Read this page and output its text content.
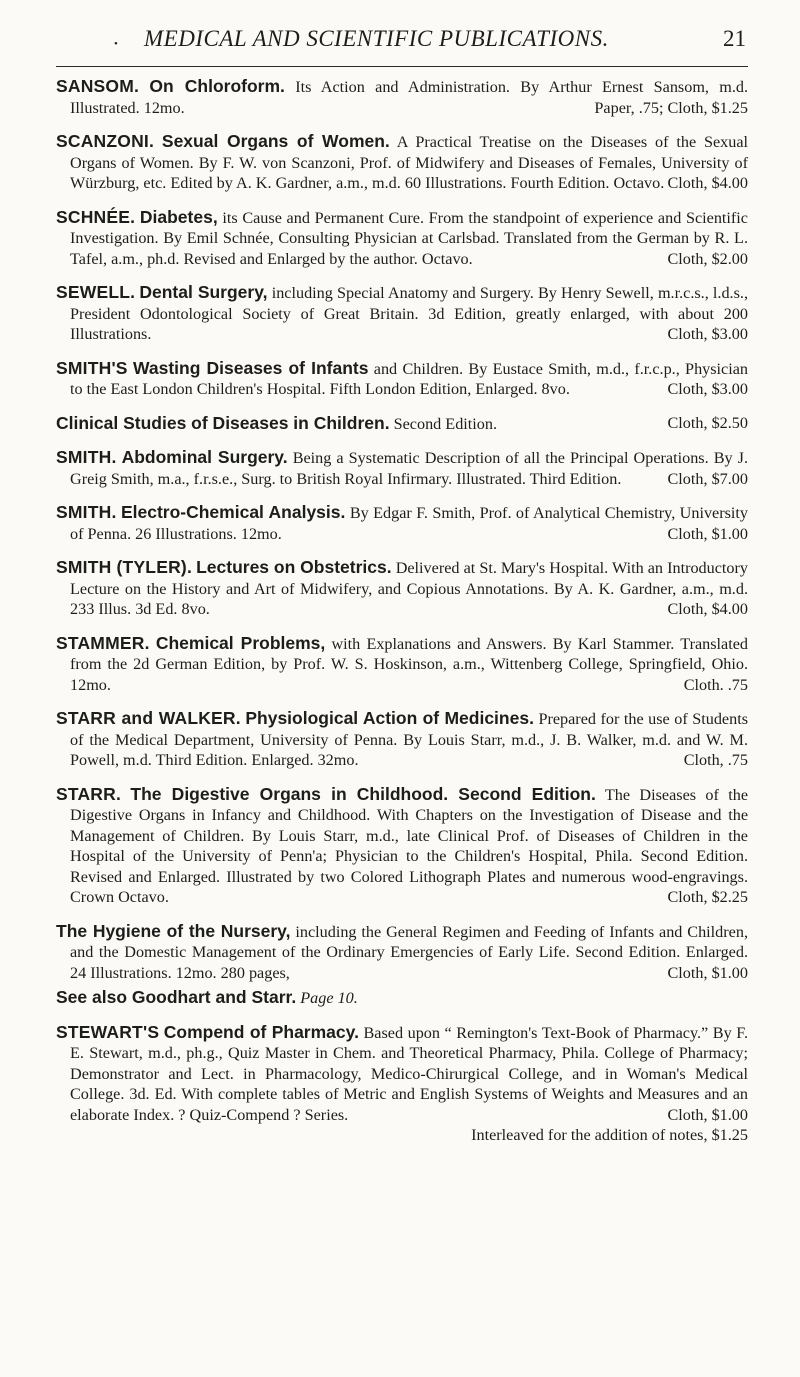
• MEDICAL AND SCIENTIFIC PUBLICATIONS.	21

SANSOM. On Chloroform. Its Action and Administration. By Arthur Ernest Sansom, m.d. Illustrated. 12mo.	Paper, .75; Cloth, $1.25

SCANZONI. Sexual Organs of Women. A Practical Treatise on the Diseases of the Sexual Organs of Women. By F. W. von Scanzoni, Prof. of Midwifery and Diseases of Females, University of Würzburg, etc. Edited by A. K. Gardner, a.m., m.d. 60 Illustrations. Fourth Edition. Octavo. Cloth, $4.00

SCHNÉE. Diabetes, its Cause and Permanent Cure. From the standpoint of experience and Scientific Investigation. By Emil Schnée, Consulting Physician at Carlsbad. Translated from the German by R. L. Tafel, a.m., ph.d. Revised and Enlarged by the author. Octavo.	Cloth, $2.00

SEWELL. Dental Surgery, including Special Anatomy and Surgery. By Henry Sewell, m.r.c.s., l.d.s., President Odontological Society of Great Britain. 3d Edition, greatly enlarged, with about 200 Illustrations.	Cloth, $3.00

SMITH'S Wasting Diseases of Infants and Children. By Eustace Smith, m.d., f.r.c.p., Physician to the East London Children's Hospital. Fifth London Edition, Enlarged. 8vo.	Cloth, $3.00

Clinical Studies of Diseases in Children. Second Edition.	Cloth, $2.50

SMITH. Abdominal Surgery. Being a Systematic Description of all the Principal Operations. By J. Greig Smith, m.a., f.r.s.e., Surg. to British Royal Infirmary. Illustrated. Third Edition.	Cloth, $7.00

SMITH. Electro-Chemical Analysis. By Edgar F. Smith, Prof. of Analytical Chemistry, University of Penna. 26 Illustrations. 12mo.	Cloth, $1.00

SMITH (TYLER). Lectures on Obstetrics. Delivered at St. Mary's Hospital. With an Introductory Lecture on the History and Art of Midwifery, and Copious Annotations. By A. K. Gardner, a.m., m.d. 233 Illus. 3d Ed. 8vo.	Cloth, $4.00

STAMMER. Chemical Problems, with Explanations and Answers. By Karl Stammer. Translated from the 2d German Edition, by Prof. W. S. Hoskinson, a.m., Wittenberg College, Springfield, Ohio. 12mo.	Cloth. .75

STARR and WALKER. Physiological Action of Medicines. Prepared for the use of Students of the Medical Department, University of Penna. By Louis Starr, m.d., J. B. Walker, m.d. and W. M. Powell, m.d. Third Edition. Enlarged. 32mo.	Cloth, .75

STARR. The Digestive Organs in Childhood. Second Edition. The Diseases of the Digestive Organs in Infancy and Childhood. With Chapters on the Investigation of Disease and the Management of Children. By Louis Starr, m.d., late Clinical Prof. of Diseases of Children in the Hospital of the University of Penn'a; Physician to the Children's Hospital, Phila. Second Edition. Revised and Enlarged. Illustrated by two Colored Lithograph Plates and numerous wood-engravings. Crown Octavo.	Cloth, $2.25

The Hygiene of the Nursery, including the General Regimen and Feeding of Infants and Children, and the Domestic Management of the Ordinary Emergencies of Early Life. Second Edition. Enlarged. 24 Illustrations. 12mo. 280 pages,	Cloth, $1.00

See also Goodhart and Starr. Page 10.

STEWART'S Compend of Pharmacy. Based upon “ Remington's Text-Book of Pharmacy.” By F. E. Stewart, m.d., ph.g., Quiz Master in Chem. and Theoretical Pharmacy, Phila. College of Pharmacy; Demonstrator and Lect. in Pharmacology, Medico-Chirurgical College, and in Woman's Medical College. 3d. Ed. With complete tables of Metric and English Systems of Weights and Measures and an elaborate Index. ? Quiz-Compend ? Series.	Cloth, $1.00
Interleaved for the addition of notes, $1.25
